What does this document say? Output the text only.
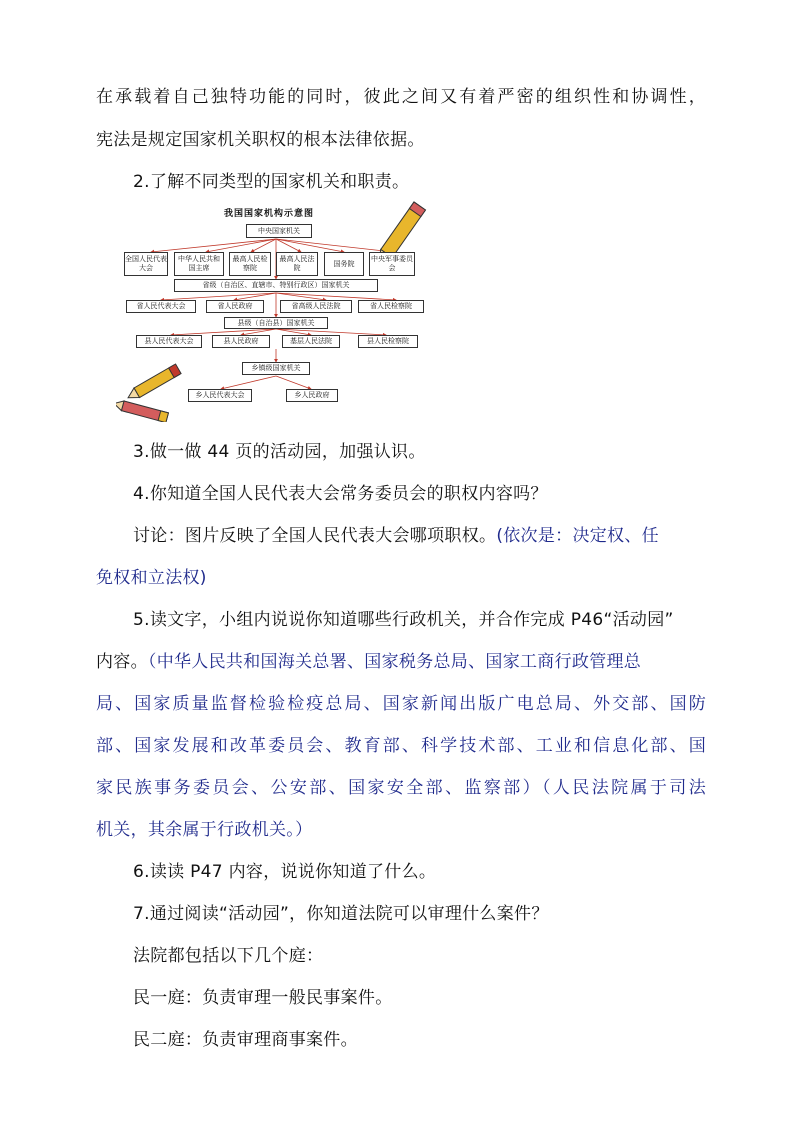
在承载着自己独特功能的同时，彼此之间又有着严密的组织性和协调性，
宪法是规定国家机关职权的根本法律依据。
2.了解不同类型的国家机关和职责。
我国国家机构示意图
中央国家机关
全国人民代表大会
中华人民共和国主席
最高人民检察院
最高人民法院
国务院
中央军事委员会
省级（自治区、直辖市、特别行政区）国家机关
省人民代表大会	省人民政府	省高级人民法院	省人民检察院
县级（自治县）国家机关
县人民代表大会	县人民政府	基层人民法院	县人民检察院
乡镇级国家机关
乡人民代表大会	乡人民政府
3.做一做 44 页的活动园，加强认识。
4.你知道全国人民代表大会常务委员会的职权内容吗？
讨论：图片反映了全国人民代表大会哪项职权。(依次是：决定权、任
免权和立法权)
5.读文字，小组内说说你知道哪些行政机关，并合作完成 P46“活动园”
内容。（中华人民共和国海关总署、国家税务总局、国家工商行政管理总
局、国家质量监督检验检疫总局、国家新闻出版广电总局、外交部、国防
部、国家发展和改革委员会、教育部、科学技术部、工业和信息化部、国
家民族事务委员会、公安部、国家安全部、监察部）（人民法院属于司法
机关，其余属于行政机关。）
6.读读 P47 内容，说说你知道了什么。
7.通过阅读“活动园”，你知道法院可以审理什么案件？
法院都包括以下几个庭：
民一庭：负责审理一般民事案件。
民二庭：负责审理商事案件。
